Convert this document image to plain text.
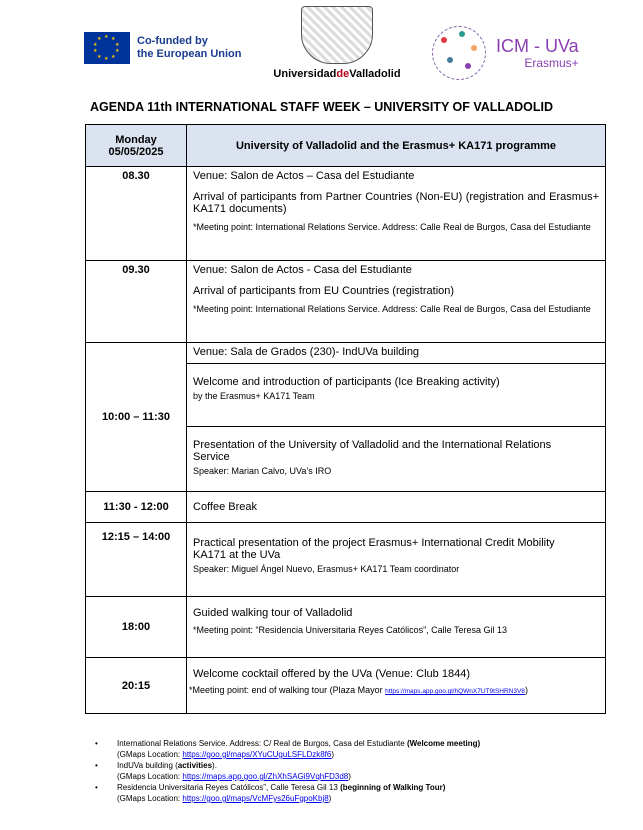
★ ★
★
★
★
★
★
★
★
★	Co-funded by
the European Union
UniversidaddeValladolid
ICM - UVa
Erasmus+
AGENDA 11th INTERNATIONAL STAFF WEEK – UNIVERSITY OF VALLADOLID
Monday
05/05/2025	University of Valladolid and the Erasmus+ KA171 programme

08.30	Venue: Salon de Actos – Casa del Estudiante
Arrival of participants from Partner Countries (Non-EU) (registration and Erasmus+ KA171 documents)
*Meeting point: International Relations Service. Address: Calle Real de Burgos, Casa del Estudiante

09.30	Venue: Salon de Actos - Casa del Estudiante
Arrival of participants from EU Countries (registration)
*Meeting point: International Relations Service. Address: Calle Real de Burgos, Casa del Estudiante

10:00 – 11:30	Venue: Sala de Grados (230)- IndUVa building
Welcome and introduction of participants (Ice Breaking activity)
by the Erasmus+ KA171 Team
Presentation of the University of Valladolid and the International Relations Service
Speaker: Marian Calvo, UVa’s IRO

11:30 - 12:00	Coffee Break

12:15 – 14:00	Practical presentation of the project Erasmus+ International Credit Mobility KA171 at the UVa
Speaker: Miguel Ángel Nuevo, Erasmus+ KA171 Team coordinator

18:00	Guided walking tour of Valladolid
*Meeting point: “Residencia Universitaria Reyes Católicos”, Calle Teresa Gil 13

20:15	Welcome cocktail offered by the UVa (Venue: Club 1844)
*Meeting point: end of walking tour (Plaza Mayor https://maps.app.goo.gl/hQWnX7UT9tSHRN3V8)
• International Relations Service. Address: C/ Real de Burgos, Casa del Estudiante (Welcome meeting)
(GMaps Location: https://goo.gl/maps/XYuCUguLSFLDzk8f6)
• IndUVa building (activities).
(GMaps Location: https://maps.app.goo.gl/ZhXhSAGi9VqhFD3d8)
• Residencia Universitaria Reyes Católicos”, Calle Teresa Gil 13 (beginning of Walking Tour)
(GMaps Location: https://goo.gl/maps/VcMFys26uFgpoKbj8)
